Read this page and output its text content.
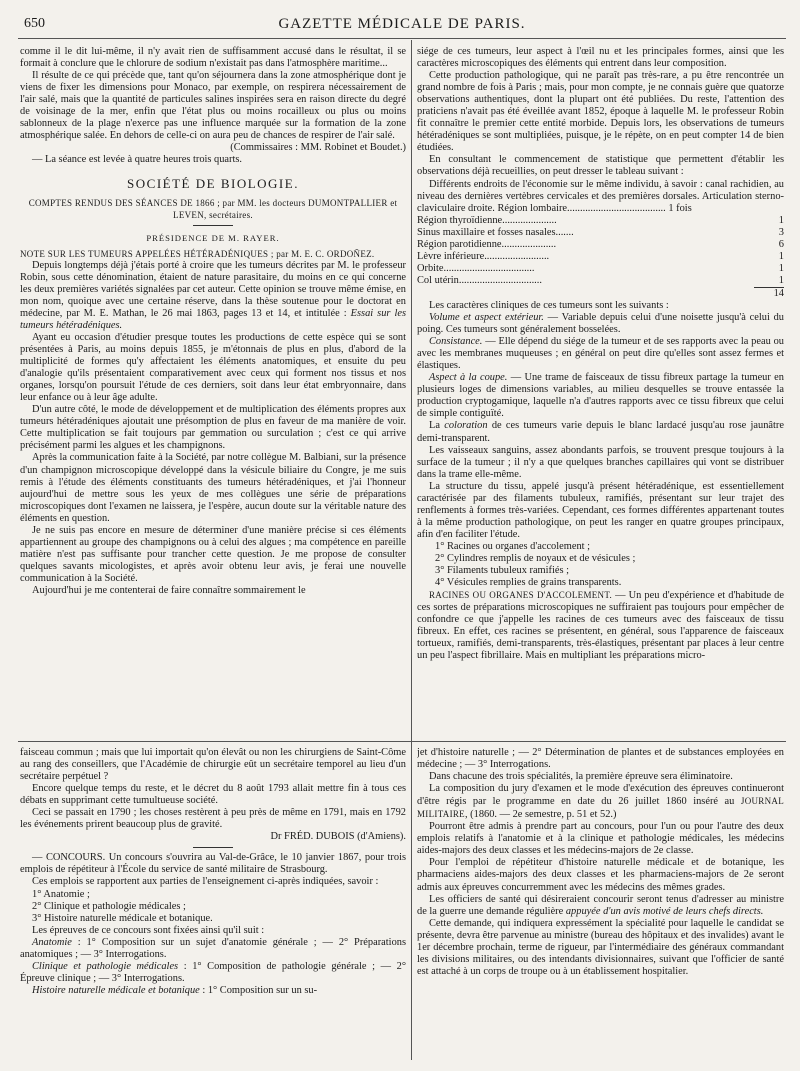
650	GAZETTE MÉDICALE DE PARIS.

comme il le dit lui-même, il n'y avait rien de suffisamment accusé dans le résultat, il se formait à conclure que le chlorure de sodium n'existait pas dans l'atmosphère maritime...

Il résulte de ce qui précède que, tant qu'on séjournera dans la zone atmosphérique dont je viens de fixer les dimensions pour Monaco, par exemple, on respirera nécessairement de l'air salé, mais que la quantité de particules salines inspirées sera en raison directe du degré de voisinage de la mer, enfin que l'état plus ou moins rocailleux ou plus ou moins sablonneux de la plage n'exerce pas une influence marquée sur la formation de la zone atmosphérique salée. En dehors de celle-ci on aura peu de chances de respirer de l'air salé.

(Commissaires : MM. Robinet et Boudet.)

— La séance est levée à quatre heures trois quarts.

SOCIÉTÉ DE BIOLOGIE.

COMPTES RENDUS DES SÉANCES DE 1866 ; par MM. les docteurs DUMONTPALLIER et LEVEN, secrétaires.

PRÉSIDENCE DE M. RAYER.

NOTE SUR LES TUMEURS APPELÉES HÉTÉRADÉNIQUES ; par M. E. C. ORDOÑEZ.

Depuis longtemps déjà j'étais porté à croire que les tumeurs décrites par M. le professeur Robin, sous cette dénomination, étaient de nature parasitaire, du moins en ce qui concerne les deux premières variétés signalées par cet auteur. Cette opinion se trouve même émise, en mon nom, quoique avec une certaine réserve, dans la thèse soutenue pour le doctorat en médecine, par M. E. Mathan, le 26 mai 1863, pages 13 et 14, et intitulée : Essai sur les tumeurs hétéradéniques.

Ayant eu occasion d'étudier presque toutes les productions de cette espèce qui se sont présentées à Paris, au moins depuis 1855, je m'étonnais de plus en plus, d'abord de la multiplicité de formes qu'y affectaient les éléments anatomiques, et ensuite du peu d'analogie qu'ils présentaient comparativement avec ceux qui forment nos tissus et nos organes, lorsqu'on poursuit l'étude de ces derniers, soit dans leur état embryonnaire, dans leur enfance ou à leur âge adulte.

D'un autre côté, le mode de développement et de multiplication des éléments propres aux tumeurs hétéradéniques ajoutait une présomption de plus en faveur de ma manière de voir. Cette multiplication se fait toujours par gemmation ou surculation ; c'est ce qui arrive précisément parmi les algues et les champignons.

Après la communication faite à la Société, par notre collègue M. Balbiani, sur la présence d'un champignon microscopique développé dans la vésicule biliaire du Congre, je me suis remis à l'étude des éléments constituants des tumeurs hétéradéniques, et j'ai l'honneur aujourd'hui de mettre sous les yeux de mes collègues une série de préparations microscopiques dont l'examen ne laissera, je l'espère, aucun doute sur la véritable nature des éléments en question.

Je ne suis pas encore en mesure de déterminer d'une manière précise si ces éléments appartiennent au groupe des champignons ou à celui des algues ; ma compétence en pareille matière n'est pas suffisante pour trancher cette question. Je me propose de consulter quelques savants micologistes, et après avoir obtenu leur avis, je ferai une nouvelle communication à la Société.

Aujourd'hui je me contenterai de faire connaître sommairement le

siége de ces tumeurs, leur aspect à l'œil nu et les principales formes, ainsi que les caractères microscopiques des éléments qui entrent dans leur composition.

Cette production pathologique, qui ne paraît pas très-rare, a pu être rencontrée un grand nombre de fois à Paris ; mais, pour mon compte, je ne connais guère que quatorze observations authentiques, dont la plupart ont été publiées. Du reste, l'attention des praticiens n'avait pas été éveillée avant 1852, époque à laquelle M. le professeur Robin fit connaître le premier cette entité morbide. Depuis lors, les observations de tumeurs hétéradéniques se sont multipliées, puisque, je le répète, on en peut compter 14 de bien étudiées.

En consultant le commencement de statistique que permettent d'établir les observations déjà recueillies, on peut dresser le tableau suivant :

Différents endroits de l'économie sur le même individu, à savoir : canal rachidien, au niveau des dernières vertèbres cervicales et des premières dorsales. Articulation sterno-claviculaire droite. Région lombaire...................................... 1 fois

Région thyroïdienne.....................	1
Sinus maxillaire et fosses nasales.......	3
Région parotidienne.....................	6
Lèvre inférieure.........................	1
Orbite...................................	1
Col utérin................................	1
14

Les caractères cliniques de ces tumeurs sont les suivants :

Volume et aspect extérieur. — Variable depuis celui d'une noisette jusqu'à celui du poing. Ces tumeurs sont généralement bosselées.

Consistance. — Elle dépend du siége de la tumeur et de ses rapports avec la peau ou avec les membranes muqueuses ; en général on peut dire qu'elles sont assez fermes et élastiques.

Aspect à la coupe. — Une trame de faisceaux de tissu fibreux partage la tumeur en plusieurs loges de dimensions variables, au milieu desquelles se trouve entassée la production cryptogamique, laquelle n'a d'autres rapports avec ce tissu fibreux que celui de simple contiguïté.

La coloration de ces tumeurs varie depuis le blanc lardacé jusqu'au rose jaunâtre demi-transparent.

Les vaisseaux sanguins, assez abondants parfois, se trouvent presque toujours à la surface de la tumeur ; il n'y a que quelques branches capillaires qui vont se distribuer dans la trame elle-même.

La structure du tissu, appelé jusqu'à présent hétéradénique, est essentiellement caractérisée par des filaments tubuleux, ramifiés, présentant sur leur trajet des renflements à formes très-variées. Cependant, ces formes différentes appartenant toutes à la même production pathologique, on peut les ranger en quatre groupes principaux, afin d'en faciliter l'étude.

1° Racines ou organes d'accolement ;

2° Cylindres remplis de noyaux et de vésicules ;

3° Filaments tubuleux ramifiés ;

4° Vésicules remplies de grains transparents.

RACINES OU ORGANES D'ACCOLEMENT. — Un peu d'expérience et d'habitude de ces sortes de préparations microscopiques ne suffiraient pas toujours pour empêcher de confondre ce que j'appelle les racines de ces tumeurs avec des faisceaux de tissu fibreux. En effet, ces racines se présentent, en général, sous l'apparence de faisceaux tortueux, ramifiés, demi-transparents, très-élastiques, présentant par places à leur centre un peu l'aspect fibrillaire. Mais en multipliant les préparations micro-

faisceau commun ; mais que lui importait qu'on élevât ou non les chirurgiens de Saint-Côme au rang des conseillers, que l'Académie de chirurgie eût un secrétaire temporel au lieu d'un secrétaire perpétuel ?

Encore quelque temps du reste, et le décret du 8 août 1793 allait mettre fin à tous ces débats en supprimant cette tumultueuse société.

Ceci se passait en 1790 ; les choses restèrent à peu près de même en 1791, mais en 1792 les événements prirent beaucoup plus de gravité.

Dr FRÉD. DUBOIS (d'Amiens).

— CONCOURS. Un concours s'ouvrira au Val-de-Grâce, le 10 janvier 1867, pour trois emplois de répétiteur à l'École du service de santé militaire de Strasbourg.

Ces emplois se rapportent aux parties de l'enseignement ci-après indiquées, savoir :

1° Anatomie ;

2° Clinique et pathologie médicales ;

3° Histoire naturelle médicale et botanique.

Les épreuves de ce concours sont fixées ainsi qu'il suit :

Anatomie : 1° Composition sur un sujet d'anatomie générale ; — 2° Préparations anatomiques ; — 3° Interrogations.

Clinique et pathologie médicales : 1° Composition de pathologie générale ; — 2° Épreuve clinique ; — 3° Interrogations.

Histoire naturelle médicale et botanique : 1° Composition sur un su-

jet d'histoire naturelle ; — 2° Détermination de plantes et de substances employées en médecine ; — 3° Interrogations.

Dans chacune des trois spécialités, la première épreuve sera éliminatoire.

La composition du jury d'examen et le mode d'exécution des épreuves continueront d'être régis par le programme en date du 26 juillet 1860 inséré au JOURNAL MILITAIRE, (1860. — 2e semestre, p. 51 et 52.)

Pourront être admis à prendre part au concours, pour l'un ou pour l'autre des deux emplois relatifs à l'anatomie et à la clinique et pathologie médicales, les médecins aides-majors des deux classes et les médecins-majors de 2e classe.

Pour l'emploi de répétiteur d'histoire naturelle médicale et de botanique, les pharmaciens aides-majors des deux classes et les pharmaciens-majors de 2e seront admis aux épreuves concurremment avec les médecins des mêmes grades.

Les officiers de santé qui désireraient concourir seront tenus d'adresser au ministre de la guerre une demande régulière appuyée d'un avis motivé de leurs chefs directs.

Cette demande, qui indiquera expressément la spécialité pour laquelle le candidat se présente, devra être parvenue au ministre (bureau des hôpitaux et des invalides) avant le 1er décembre prochain, terme de rigueur, par l'intermédiaire des généraux commandant les divisions militaires, ou des intendants divisionnaires, suivant que l'officier de santé est attaché à un corps de troupe ou à un établissement hospitalier.
